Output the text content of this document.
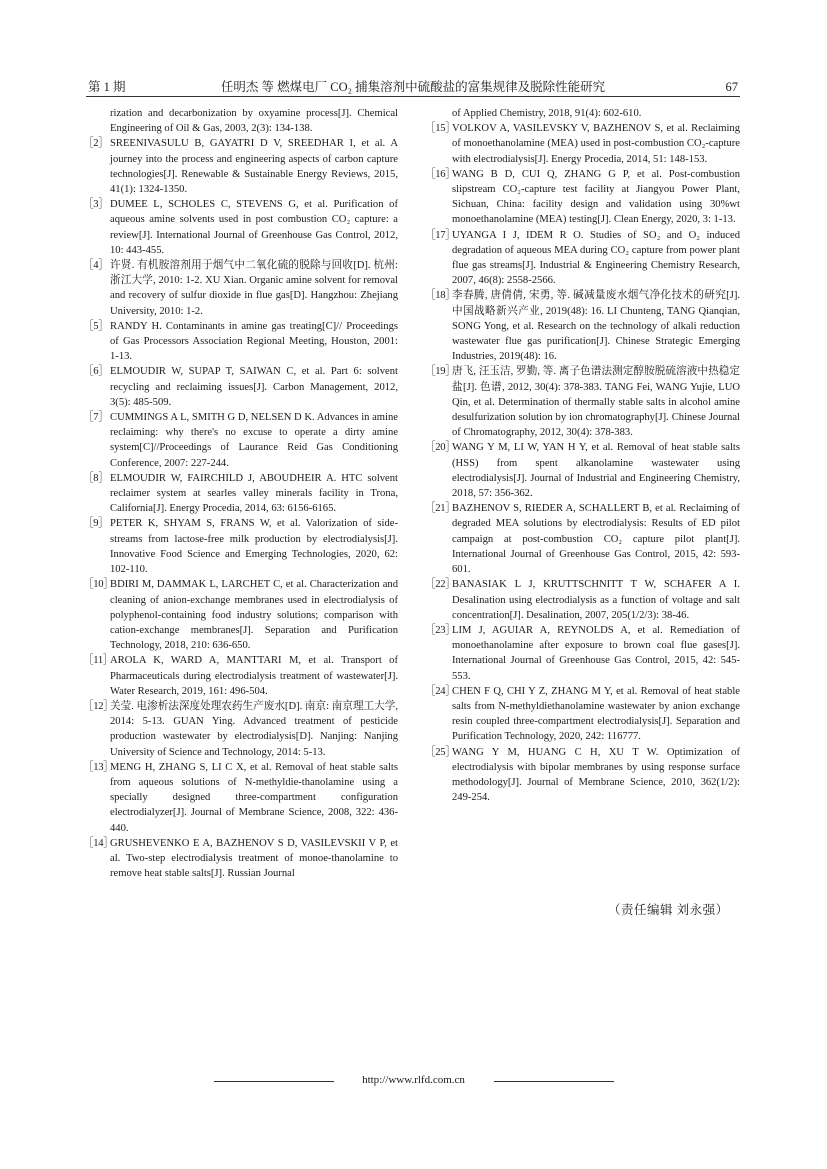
第 1 期	任明杰 等 燃煤电厂 CO₂ 捕集溶剂中硫酸盐的富集规律及脱除性能研究	67

rization and decarbonization by oxyamine process[J]. Chemical Engineering of Oil & Gas, 2003, 2(3): 134-138.

［2］ SREENIVASULU B, GAYATRI D V, SREEDHAR I, et al. A journey into the process and engineering aspects of carbon capture technologies[J]. Renewable & Sustainable Energy Reviews, 2015, 41(1): 1324-1350.

［3］ DUMEE L, SCHOLES C, STEVENS G, et al. Purification of aqueous amine solvents used in post combustion CO₂ capture: a review[J]. International Journal of Greenhouse Gas Control, 2012, 10: 443-455.

［4］ 许贤. 有机胺溶剂用于烟气中二氧化硫的脱除与回收[D]. 杭州: 浙江大学, 2010: 1-2. XU Xian. Organic amine solvent for removal and recovery of sulfur dioxide in flue gas[D]. Hangzhou: Zhejiang University, 2010: 1-2.

［5］ RANDY H. Contaminants in amine gas treating[C]// Proceedings of Gas Processors Association Regional Meeting, Houston, 2001: 1-13.

［6］ ELMOUDIR W, SUPAP T, SAIWAN C, et al. Part 6: solvent recycling and reclaiming issues[J]. Carbon Management, 2012, 3(5): 485-509.

［7］ CUMMINGS A L, SMITH G D, NELSEN D K. Advances in amine reclaiming: why there's no excuse to operate a dirty amine system[C]//Proceedings of Laurance Reid Gas Conditioning Conference, 2007: 227-244.

［8］ ELMOUDIR W, FAIRCHILD J, ABOUDHEIR A. HTC solvent reclaimer system at searles valley minerals facility in Trona, California[J]. Energy Procedia, 2014, 63: 6156-6165.

［9］ PETER K, SHYAM S, FRANS W, et al. Valorization of side-streams from lactose-free milk production by electrodialysis[J]. Innovative Food Science and Emerging Technologies, 2020, 62: 102-110.

［10］
BDIRI M, DAMMAK L, LARCHET C, et al. Characterization and cleaning of anion-exchange membranes used in electrodialysis of polyphenol-containing food industry solutions; comparison with cation-exchange membranes[J]. Separation and Purification Technology, 2018, 210: 636-650.

［11］
AROLA K, WARD A, MANTTARI M, et al. Transport of Pharmaceuticals during electrodialysis treatment of wastewater[J]. Water Research, 2019, 161: 496-504.

［12］
关莹. 电渗析法深度处理农药生产废水[D]. 南京: 南京理工大学, 2014: 5-13. GUAN Ying. Advanced treatment of pesticide production wastewater by electrodialysis[D]. Nanjing: Nanjing University of Science and Technology, 2014: 5-13.

［13］
MENG H, ZHANG S, LI C X, et al. Removal of heat stable salts from aqueous solutions of N-methyldie-thanolamine using a specially designed three-compartment configuration electrodialyzer[J]. Journal of Membrane Science, 2008, 322: 436-440.

［14］
GRUSHEVENKO E A, BAZHENOV S D, VASILEVSKII V P, et al. Two-step electrodialysis treatment of monoe-thanolamine to remove heat stable salts[J]. Russian Journal

of Applied Chemistry, 2018, 91(4): 602-610.

［15］
VOLKOV A, VASILEVSKY V, BAZHENOV S, et al. Reclaiming of monoethanolamine (MEA) used in post-combustion CO₂-capture with electrodialysis[J]. Energy Procedia, 2014, 51: 148-153.

［16］
WANG B D, CUI Q, ZHANG G P, et al. Post-combustion slipstream CO₂-capture test facility at Jiangyou Power Plant, Sichuan, China: facility design and validation using 30%wt monoethanolamine (MEA) testing[J]. Clean Energy, 2020, 3: 1-13.

［17］
UYANGA I J, IDEM R O. Studies of SO₂ and O₂ induced degradation of aqueous MEA during CO₂ capture from power plant flue gas streams[J]. Industrial & Engineering Chemistry Research, 2007, 46(8): 2558-2566.

［18］
李春腾, 唐倩倩, 宋勇, 等. 碱减量废水烟气净化技术的研究[J]. 中国战略新兴产业, 2019(48): 16. LI Chunteng, TANG Qianqian, SONG Yong, et al. Research on the technology of alkali reduction wastewater flue gas purification[J]. Chinese Strategic Emerging Industries, 2019(48): 16.

［19］
唐飞, 汪玉洁, 罗勤, 等. 离子色谱法测定醇胺脱硫溶液中热稳定盐[J]. 色谱, 2012, 30(4): 378-383. TANG Fei, WANG Yujie, LUO Qin, et al. Determination of thermally stable salts in alcohol amine desulfurization solution by ion chromatography[J]. Chinese Journal of Chromatography, 2012, 30(4): 378-383.

［20］
WANG Y M, LI W, YAN H Y, et al. Removal of heat stable salts (HSS) from spent alkanolamine wastewater using electrodialysis[J]. Journal of Industrial and Engineering Chemistry, 2018, 57: 356-362.

［21］
BAZHENOV S, RIEDER A, SCHALLERT B, et al. Reclaiming of degraded MEA solutions by electrodialysis: Results of ED pilot campaign at post-combustion CO₂ capture pilot plant[J]. International Journal of Greenhouse Gas Control, 2015, 42: 593-601.

［22］
BANASIAK L J, KRUTTSCHNITT T W, SCHAFER A I. Desalination using electrodialysis as a function of voltage and salt concentration[J]. Desalination, 2007, 205(1/2/3): 38-46.

［23］
LIM J, AGUIAR A, REYNOLDS A, et al. Remediation of monoethanolamine after exposure to brown coal flue gases[J]. International Journal of Greenhouse Gas Control, 2015, 42: 545-553.

［24］
CHEN F Q, CHI Y Z, ZHANG M Y, et al. Removal of heat stable salts from N-methyldiethanolamine wastewater by anion exchange resin coupled three-compartment electrodialysis[J]. Separation and Purification Technology, 2020, 242: 116777.

［25］
WANG Y M, HUANG C H, XU T W. Optimization of electrodialysis with bipolar membranes by using response surface methodology[J]. Journal of Membrane Science, 2010, 362(1/2): 249-254.

（责任编辑 刘永强）
http://www.rlfd.com.cn
